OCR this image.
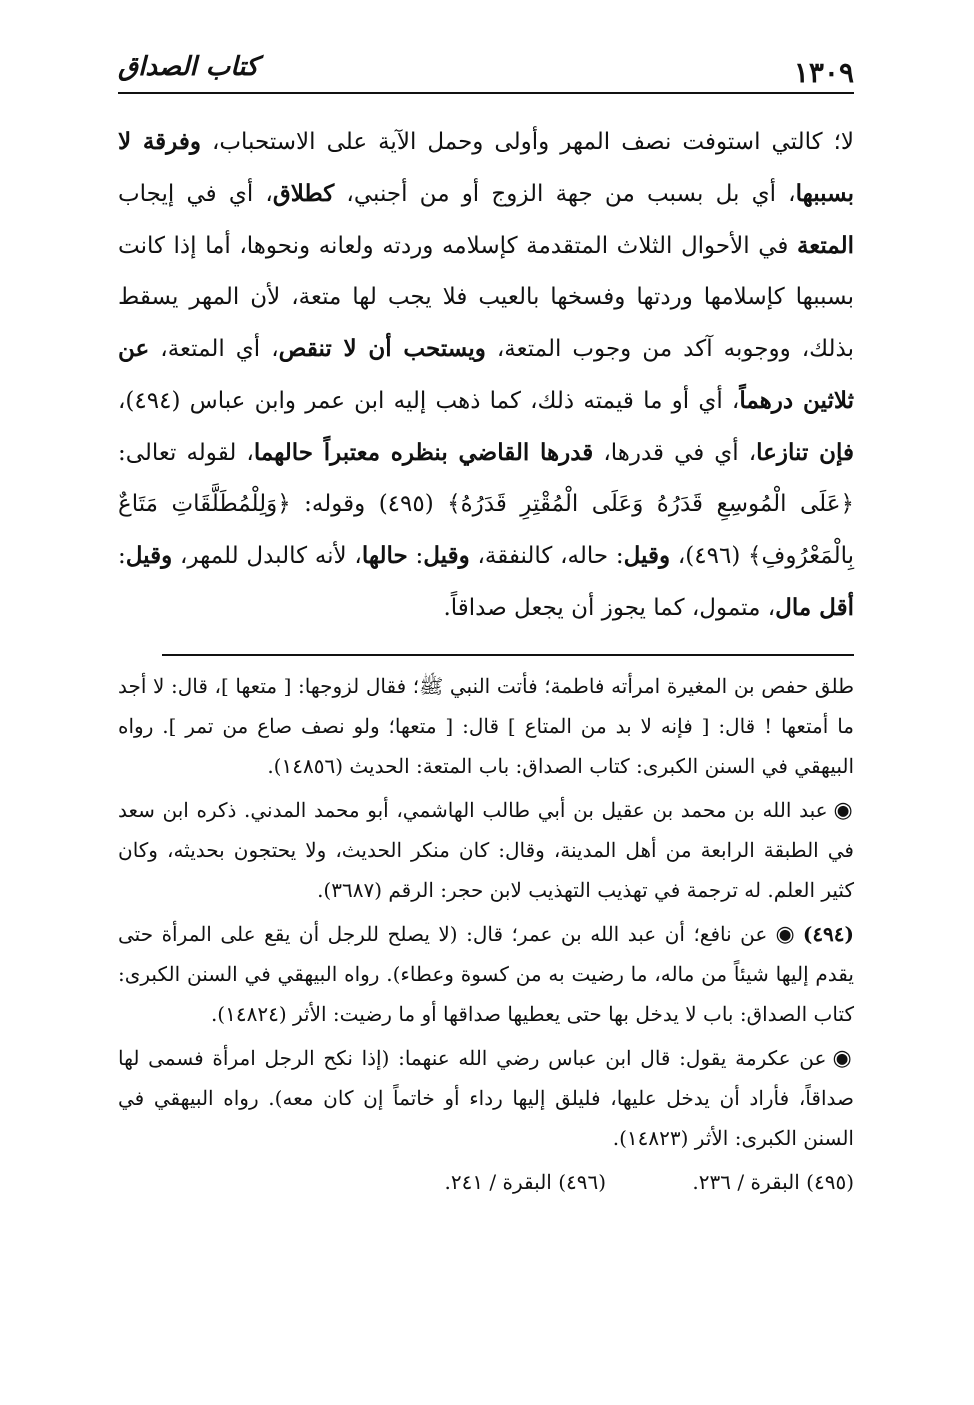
١٣٠٩
كتاب الصداق

لا؛ كالتي استوفت نصف المهر وأولى وحمل الآية على الاستحباب، وفرقة لا بسببها، أي بل بسبب من جهة الزوج أو من أجنبي، كطلاق، أي في إيجاب المتعة في الأحوال الثلاث المتقدمة كإسلامه وردته ولعانه ونحوها، أما إذا كانت بسببها كإسلامها وردتها وفسخها بالعيب فلا يجب لها متعة، لأن المهر يسقط بذلك، ووجوبه آكد من وجوب المتعة، ويستحب أن لا تنقص، أي المتعة، عن ثلاثين درهماً، أي أو ما قيمته ذلك، كما ذهب إليه ابن عمر وابن عباس (٤٩٤)، فإن تنازعا، أي في قدرها، قدرها القاضي بنظره معتبراً حالهما، لقوله تعالى: ﴿عَلَى الْمُوسِعِ قَدَرُهُ وَعَلَى الْمُقْتِرِ قَدَرُهُ﴾ (٤٩٥) وقوله: ﴿وَلِلْمُطَلَّقَاتِ مَتَاعٌ بِالْمَعْرُوفِ﴾ (٤٩٦)، وقيل: حاله، كالنفقة، وقيل: حالها، لأنه كالبدل للمهر، وقيل: أقل مال، متمول، كما يجوز أن يجعل صداقاً.

طلق حفص بن المغيرة امرأته فاطمة؛ فأتت النبي ﷺ؛ فقال لزوجها: [ متعها ]، قال: لا أجد ما أمتعها ! قال: [ فإنه لا بد من المتاع ] قال: [ متعها؛ ولو نصف صاع من تمر ]. رواه البيهقي في السنن الكبرى: كتاب الصداق: باب المتعة: الحديث (١٤٨٥٦).

◉عبد الله بن محمد بن عقيل بن أبي طالب الهاشمي، أبو محمد المدني. ذكره ابن سعد في الطبقة الرابعة من أهل المدينة، وقال: كان منكر الحديث، ولا يحتجون بحديثه، وكان كثير العلم. له ترجمة في تهذيب التهذيب لابن حجر: الرقم (٣٦٨٧).

(٤٩٤)◉عن نافع؛ أن عبد الله بن عمر؛ قال: (لا يصلح للرجل أن يقع على المرأة حتى يقدم إليها شيئاً من ماله، ما رضيت به من كسوة وعطاء). رواه البيهقي في السنن الكبرى: كتاب الصداق: باب لا يدخل بها حتى يعطيها صداقها أو ما رضيت: الأثر (١٤٨٢٤).

◉عن عكرمة يقول: قال ابن عباس رضي الله عنهما: (إذا نكح الرجل امرأة فسمى لها صداقاً، فأراد أن يدخل عليها، فليلق إليها رداء أو خاتماً إن كان معه). رواه البيهقي في السنن الكبرى: الأثر (١٤٨٢٣).

(٤٩٥) البقرة / ٢٣٦. (٤٩٦) البقرة / ٢٤١.
